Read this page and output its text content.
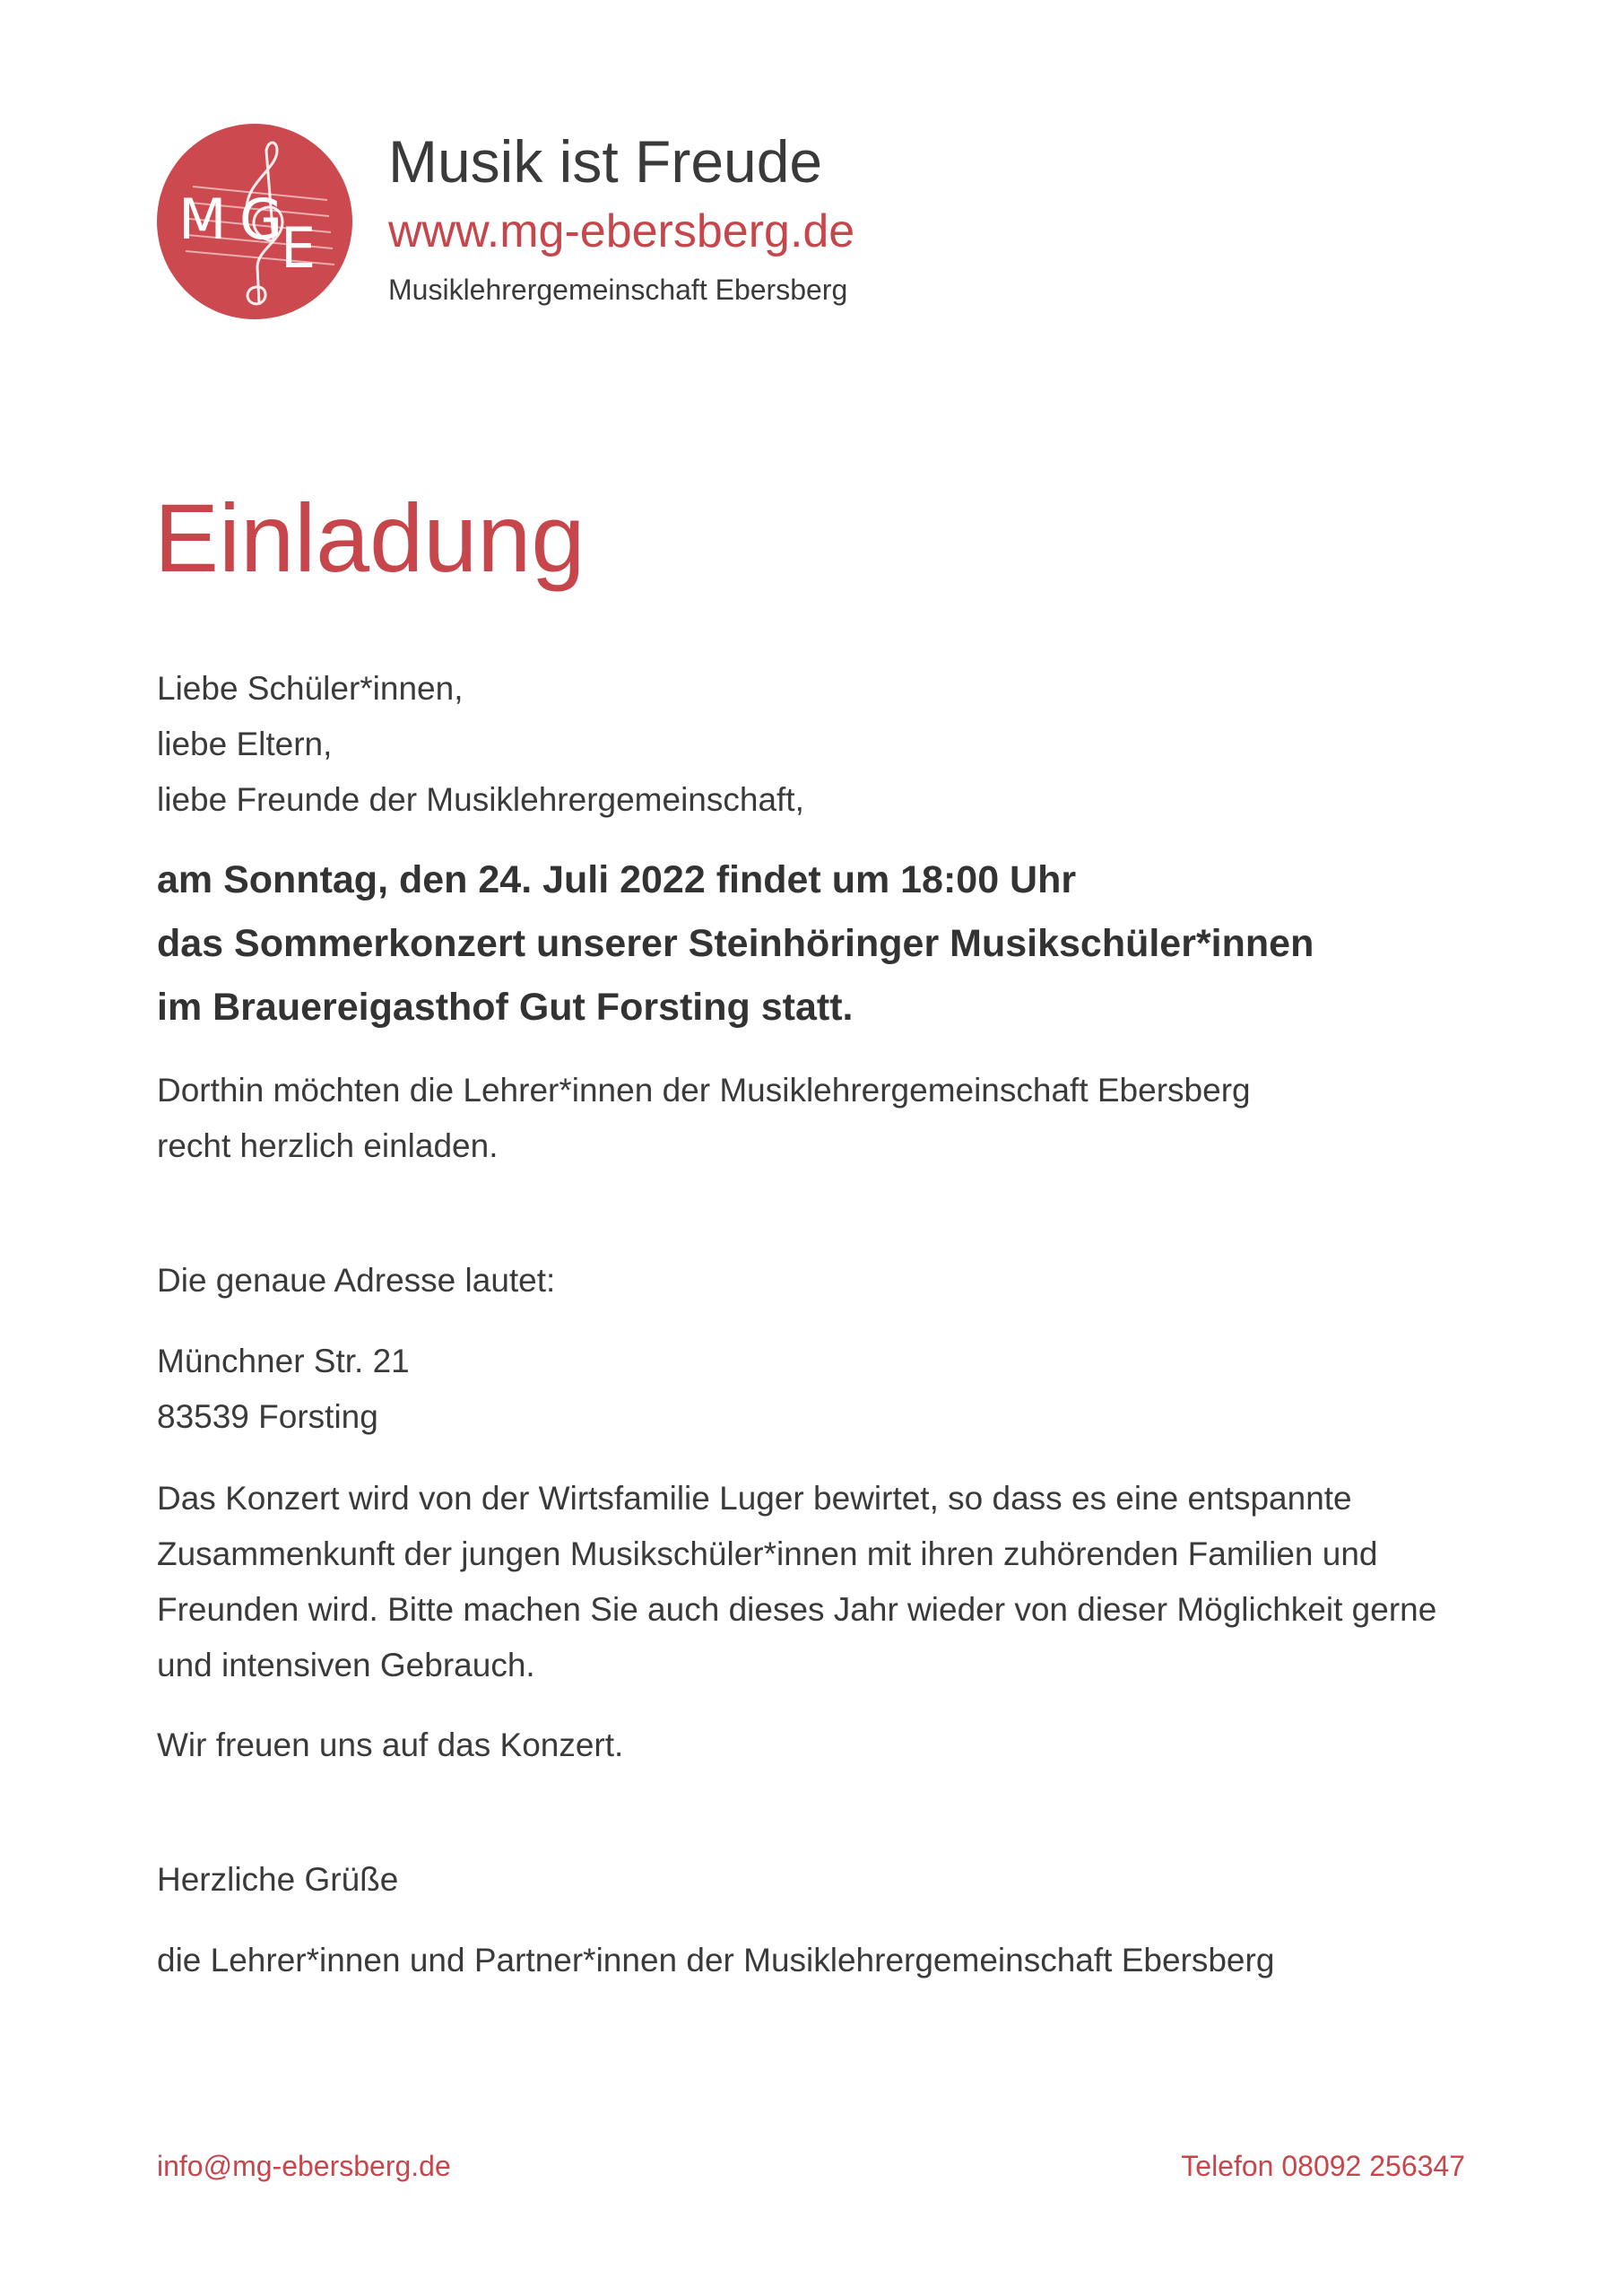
M G
E
Musik ist Freude
www.mg-ebersberg.de
Musiklehrergemeinschaft Ebersberg
Einladung
Liebe Schüler*innen,
liebe Eltern,
liebe Freunde der Musiklehrergemeinschaft,
am Sonntag, den 24. Juli 2022 findet um 18:00 Uhr
das Sommerkonzert unserer Steinhöringer Musikschüler*innen
im Brauereigasthof Gut Forsting statt.
Dorthin möchten die Lehrer*innen der Musiklehrergemeinschaft Ebersberg
recht herzlich einladen.
Die genaue Adresse lautet:
Münchner Str. 21
83539 Forsting
Das Konzert wird von der Wirtsfamilie Luger bewirtet, so dass es eine entspannte
Zusammenkunft der jungen Musikschüler*innen mit ihren zuhörenden Familien und
Freunden wird. Bitte machen Sie auch dieses Jahr wieder von dieser Möglichkeit gerne
und intensiven Gebrauch.
Wir freuen uns auf das Konzert.
Herzliche Grüße
die Lehrer*innen und Partner*innen der Musiklehrergemeinschaft Ebersberg
info@mg-ebersberg.de	Telefon 08092 256347
